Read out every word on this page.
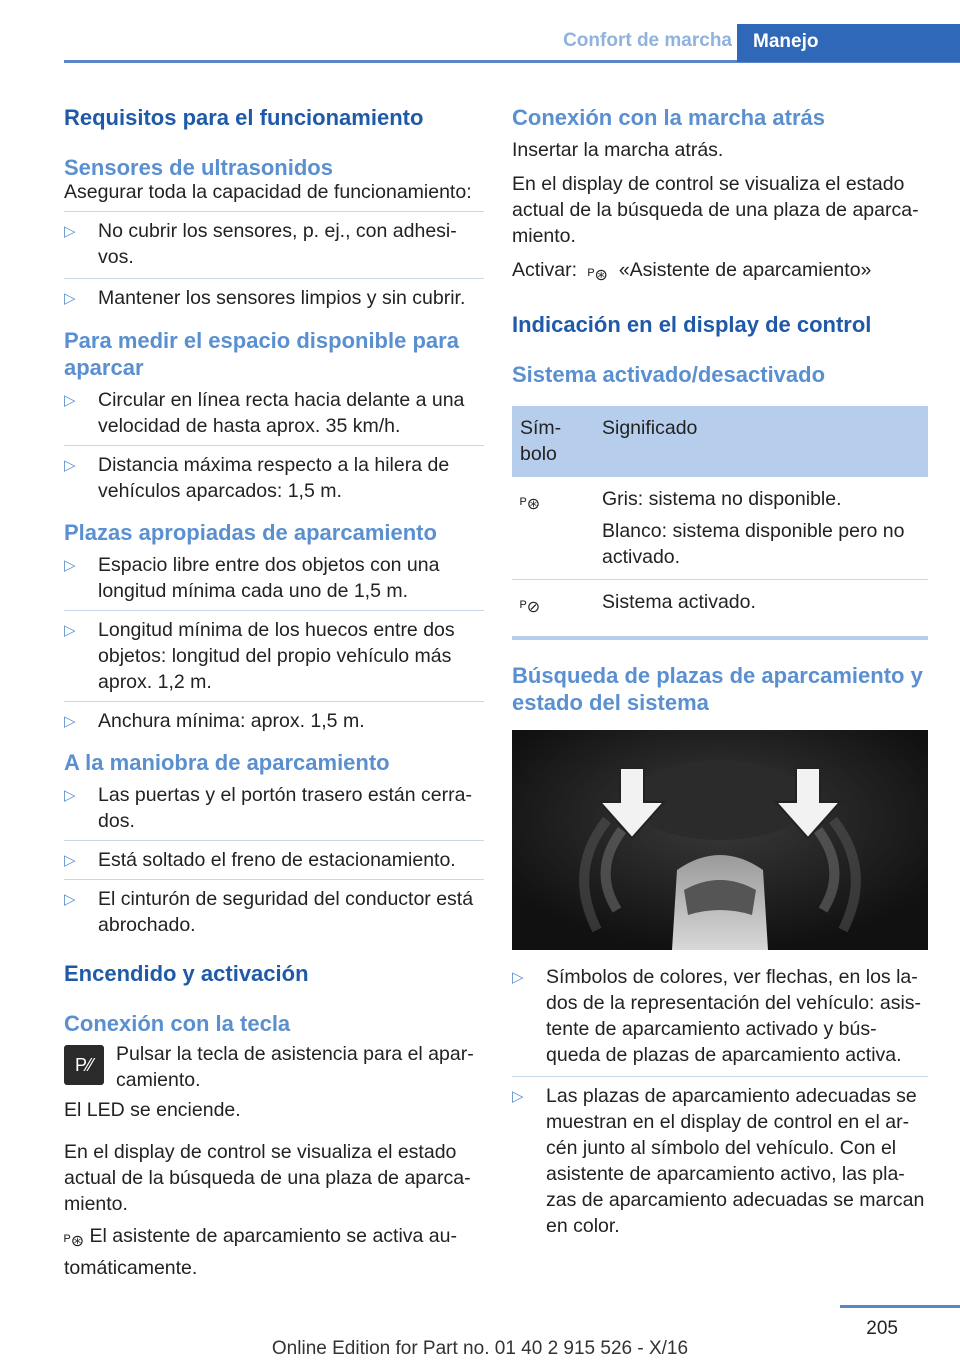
Confort de marcha	Manejo
Requisitos para el funcionamiento
Sensores de ultrasonidos

Asegurar toda la capacidad de funcionamiento:

▷ No cubrir los sensores, p. ej., con adhesi‐vos.
▷ Mantener los sensores limpios y sin cubrir.
Para medir el espacio disponible para aparcar
▷ Circular en línea recta hacia delante a una velocidad de hasta aprox. 35 km/h.
▷ Distancia máxima respecto a la hilera de vehículos aparcados: 1,5 m.
Plazas apropiadas de aparcamiento
▷ Espacio libre entre dos objetos con una longitud mínima cada uno de 1,5 m.
▷ Longitud mínima de los huecos entre dos objetos: longitud del propio vehículo más aprox. 1,2 m.
▷ Anchura mínima: aprox. 1,5 m.
A la maniobra de aparcamiento
▷ Las puertas y el portón trasero están cerra‐dos.
▷ Está soltado el freno de estacionamiento.
▷ El cinturón de seguridad del conductor está abrochado.
Encendido y activación
Conexión con la tecla
P⁄⁄	Pulsar la tecla de asistencia para el apar‐camiento.

El LED se enciende.

En el display de control se visualiza el estado actual de la búsqueda de una plaza de aparca‐miento.

ᴾ⊛ El asistente de aparcamiento se activa au‐tomáticamente.

Conexión con la marcha atrás

Insertar la marcha atrás.

En el display de control se visualiza el estado actual de la búsqueda de una plaza de aparca‐miento.

Activar: ᴾ⊛ «Asistente de aparcamiento»

Indicación en el display de control
Sistema activado/desactivado
Sím‐bolo	Significado
ᴾ⊛	Gris: sistema no disponible.
Blanco: sistema disponible pero no activado.

ᴾ⊘	Sistema activado.
Búsqueda de plazas de aparcamiento y estado del sistema
▷ Símbolos de colores, ver flechas, en los la‐dos de la representación del vehículo: asis‐tente de aparcamiento activado y bús‐queda de plazas de aparcamiento activa.
▷ Las plazas de aparcamiento adecuadas se muestran en el display de control en el ar‐cén junto al símbolo del vehículo. Con el asistente de aparcamiento activo, las pla‐zas de aparcamiento adecuadas se marcan en color.
205
Online Edition for Part no. 01 40 2 915 526 - X/16
